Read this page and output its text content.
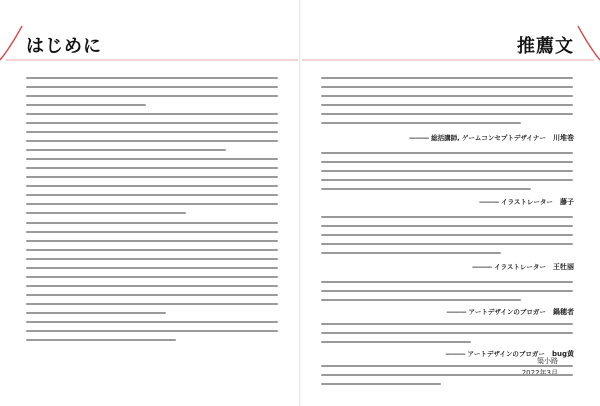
はじめに	推薦文
簗小路
――― 総括講師, ゲームコンセプトデザイナー 川堆巻
――― イラストレーター 藤子
――― イラストレーター 王牡丽
――― アートデザインのブロガー 鍋穂者
――― アートデザインのブロガー bug黄
